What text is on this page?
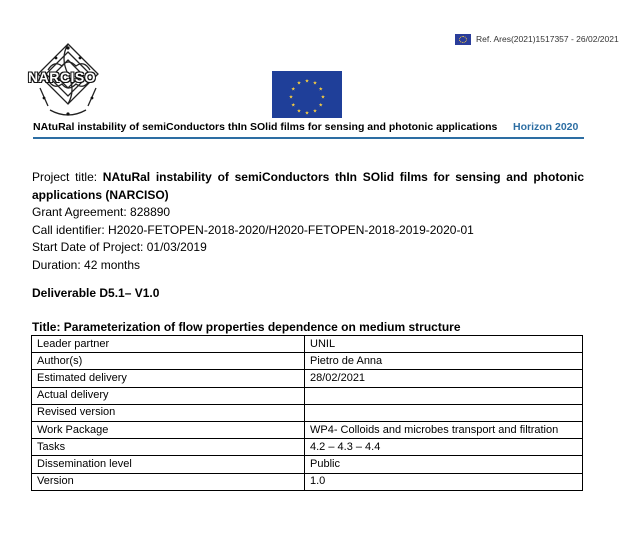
Ref. Ares(2021)1517357 - 26/02/2021
NARCISO	★ ★
★
★
★
★
★
★
★
★
★
★
NAtuRal instability of semiConductors thIn SOlid films for sensing and photonic applications Horizon 2020
Project title: NAtuRal instability of semiConductors thIn SOlid films for sensing and photonic applications (NARCISO)
Grant Agreement: 828890
Call identifier: H2020-FETOPEN-2018-2020/H2020-FETOPEN-2018-2019-2020-01
Start Date of Project: 01/03/2019
Duration: 42 months
Deliverable D5.1– V1.0
Title: Parameterization of flow properties dependence on medium structure
Leader partner	UNIL
Author(s)	Pietro de Anna
Estimated delivery	28/02/2021
Actual delivery	
Revised version	
Work Package	WP4- Colloids and microbes transport and filtration
Tasks	4.2 – 4.3 – 4.4
Dissemination level	Public
Version	1.0
